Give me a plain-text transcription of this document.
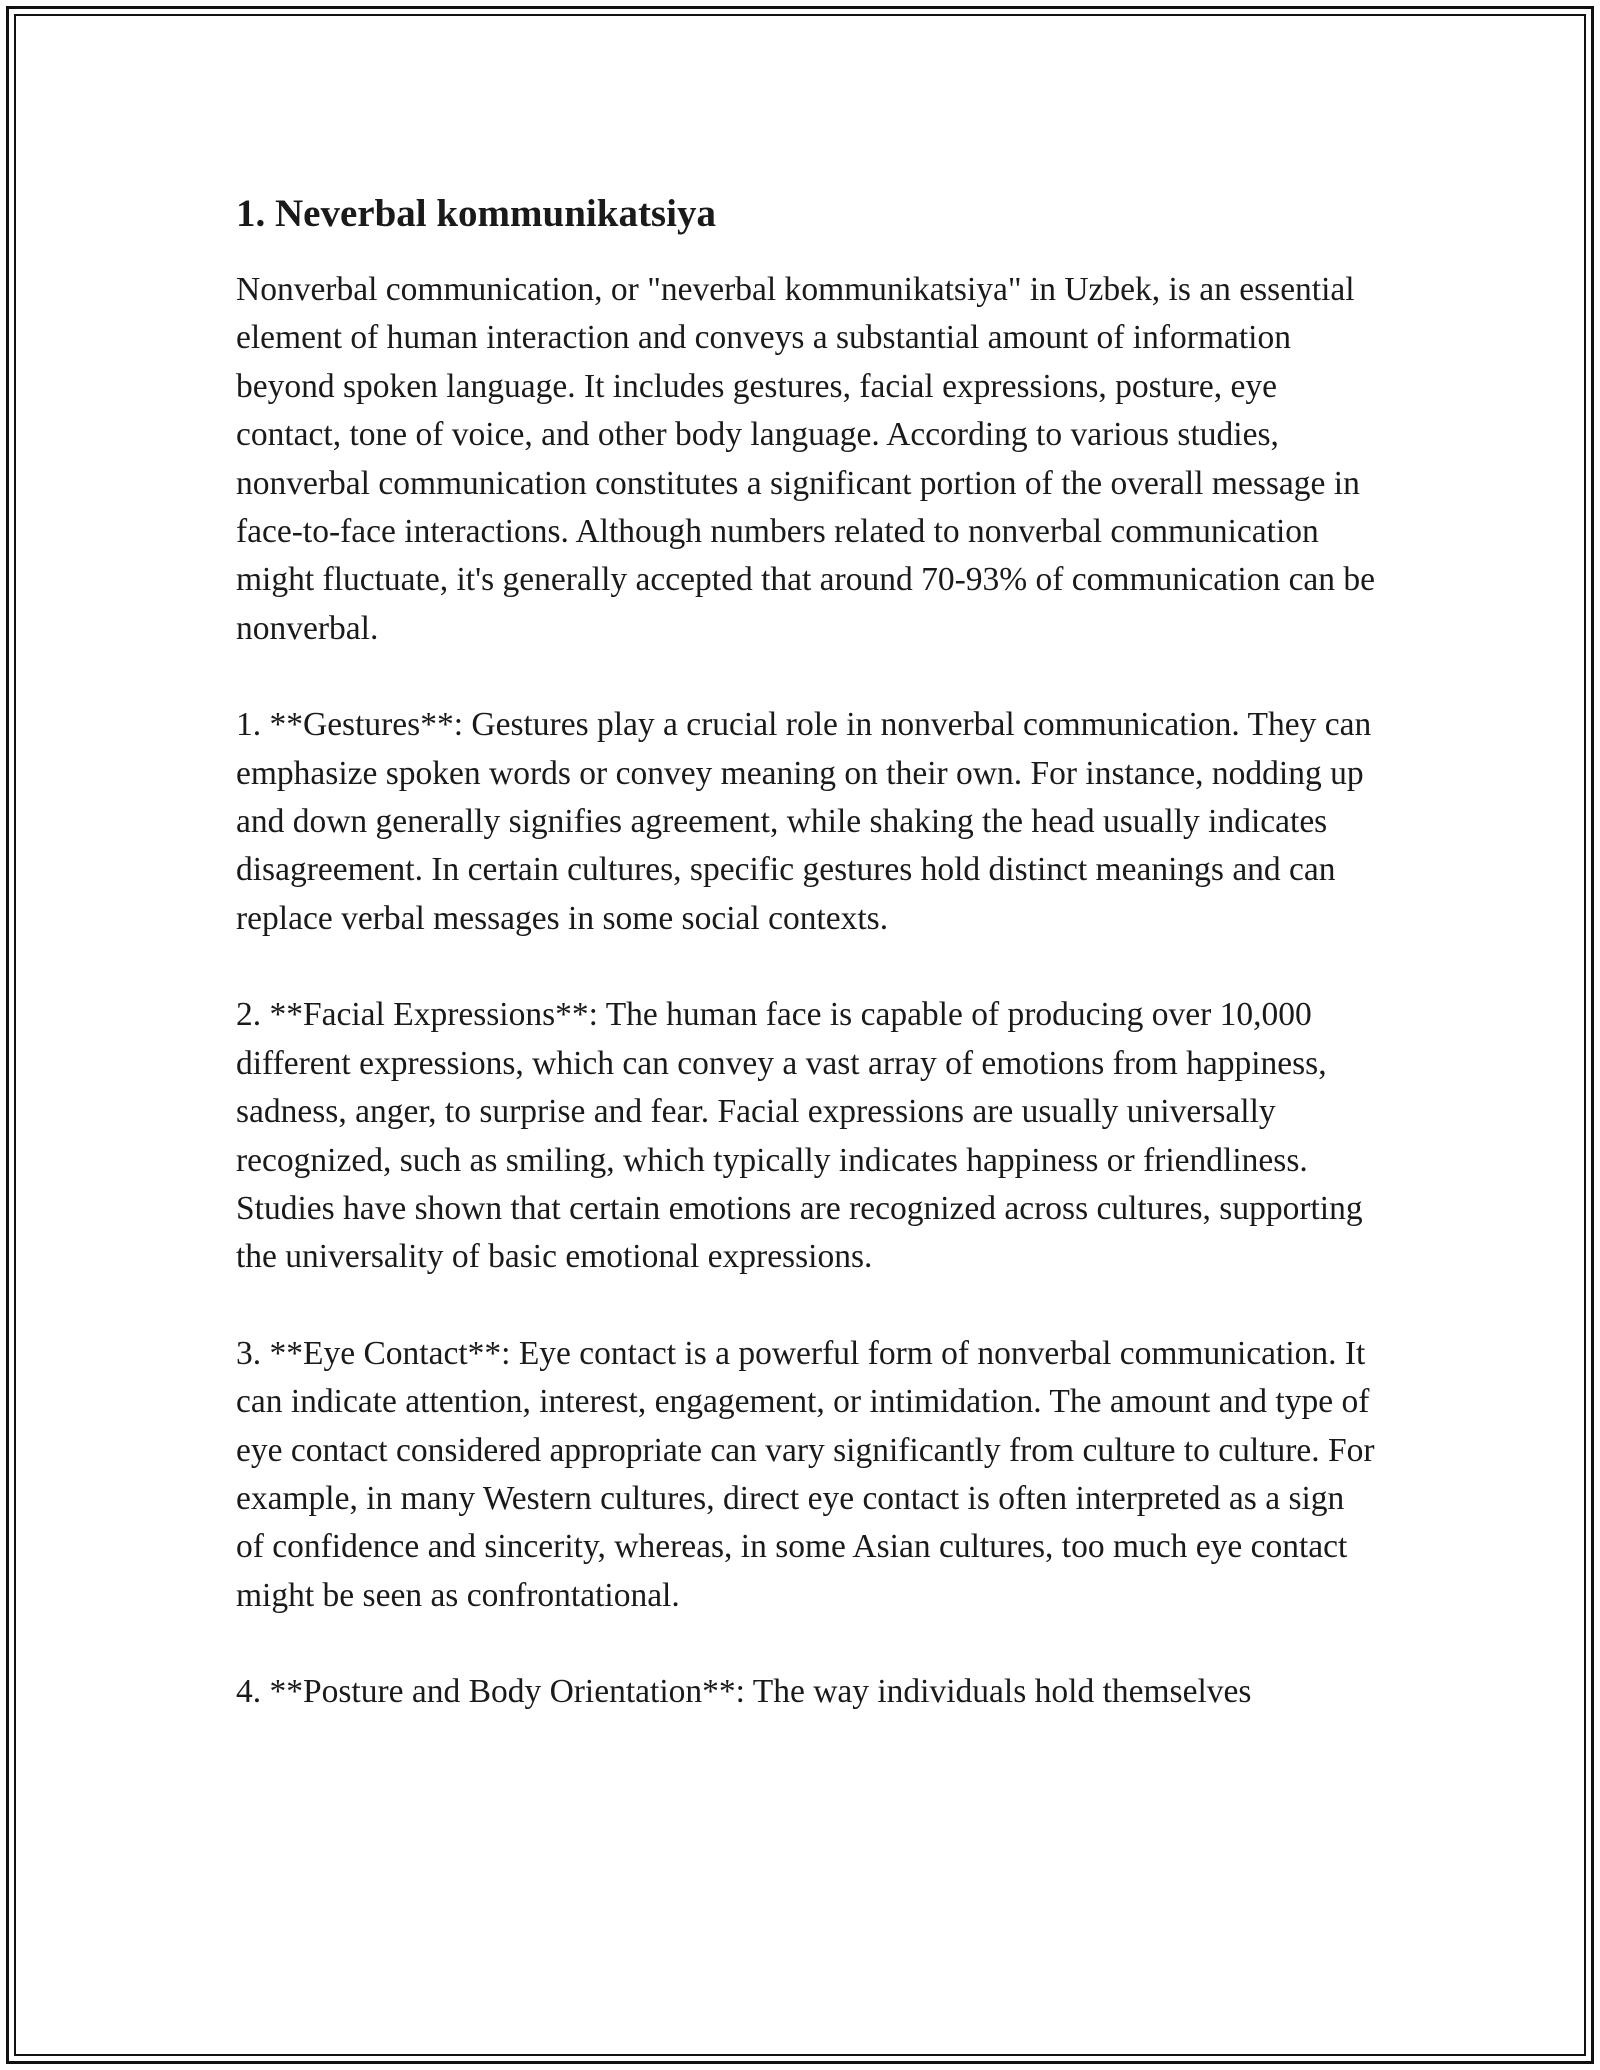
1. Neverbal kommunikatsiya

Nonverbal communication, or "neverbal kommunikatsiya" in Uzbek, is an essential element of human interaction and conveys a substantial amount of information beyond spoken language. It includes gestures, facial expressions, posture, eye contact, tone of voice, and other body language. According to various studies, nonverbal communication constitutes a significant portion of the overall message in face-to-face interactions. Although numbers related to nonverbal communication might fluctuate, it's generally accepted that around 70-93% of communication can be nonverbal.

1. **Gestures**: Gestures play a crucial role in nonverbal communication. They can emphasize spoken words or convey meaning on their own. For instance, nodding up and down generally signifies agreement, while shaking the head usually indicates disagreement. In certain cultures, specific gestures hold distinct meanings and can replace verbal messages in some social contexts.

2. **Facial Expressions**: The human face is capable of producing over 10,000 different expressions, which can convey a vast array of emotions from happiness, sadness, anger, to surprise and fear. Facial expressions are usually universally recognized, such as smiling, which typically indicates happiness or friendliness. Studies have shown that certain emotions are recognized across cultures, supporting the universality of basic emotional expressions.

3. **Eye Contact**: Eye contact is a powerful form of nonverbal communication. It can indicate attention, interest, engagement, or intimidation. The amount and type of eye contact considered appropriate can vary significantly from culture to culture. For example, in many Western cultures, direct eye contact is often interpreted as a sign of confidence and sincerity, whereas, in some Asian cultures, too much eye contact might be seen as confrontational.

4. **Posture and Body Orientation**: The way individuals hold themselves
